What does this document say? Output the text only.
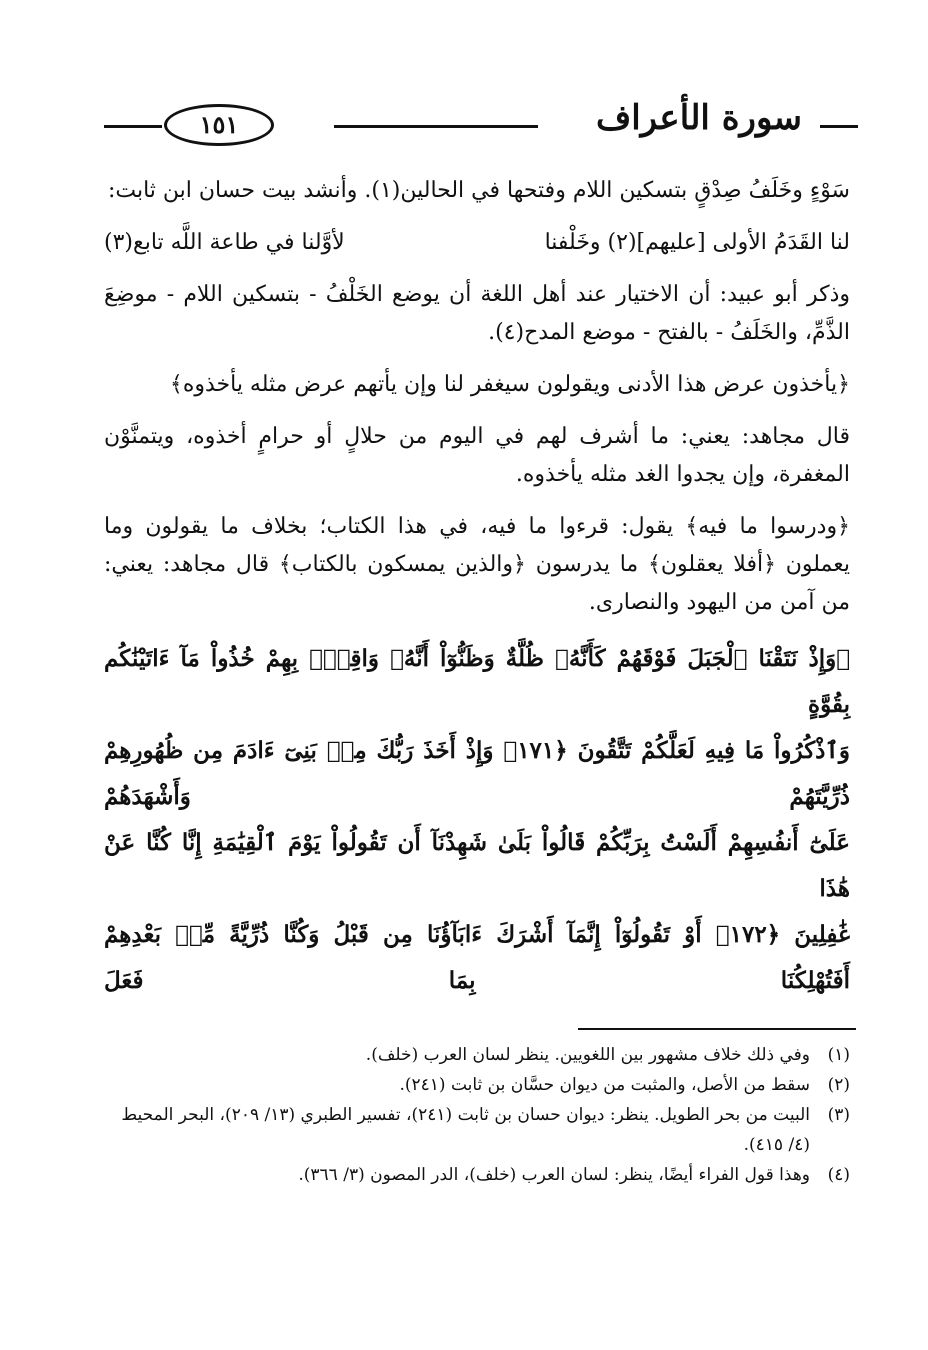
سورة الأعراف
١٥١

سَوْءٍ وخَلَفُ صِدْقٍ بتسكين اللام وفتحها في الحالين(١). وأنشد بيت حسان ابن ثابت:

لنا القَدَمُ الأولى [عليهم](٢) وخَلْفنا
لأوَّلنا في طاعة اللَّه تابع(٣)

وذكر أبو عبيد: أن الاختيار عند أهل اللغة أن يوضع الخَلْفُ - بتسكين اللام - موضِعَ الذَّمِّ، والخَلَفُ - بالفتح - موضع المدح(٤).

﴿يأخذون عرض هذا الأدنى ويقولون سيغفر لنا وإن يأتهم عرض مثله يأخذوه﴾

قال مجاهد: يعني: ما أشرف لهم في اليوم من حلالٍ أو حرامٍ أخذوه، ويتمنَّوْن المغفرة، وإن يجدوا الغد مثله يأخذوه.

﴿ودرسوا ما فيه﴾ يقول: قرءوا ما فيه، في هذا الكتاب؛ بخلاف ما يقولون وما يعملون ﴿أفلا يعقلون﴾ ما يدرسون ﴿والذين يمسكون بالكتاب﴾ قال مجاهد: يعني: من آمن من اليهود والنصارى.

﴿وَإِذْ نَتَقْنَا ٱلْجَبَلَ فَوْقَهُمْ كَأَنَّهُۥ ظُلَّةٌ وَظَنُّوٓاْ أَنَّهُۥ وَاقِعٌۢ بِهِمْ خُذُواْ مَآ ءَاتَيْنَٰكُم بِقُوَّةٍ
وَٱذْكُرُواْ مَا فِيهِ لَعَلَّكُمْ تَتَّقُونَ ﴿١٧١﴾ وَإِذْ أَخَذَ رَبُّكَ مِنۢ بَنِىٓ ءَادَمَ مِن ظُهُورِهِمْ ذُرِّيَّتَهُمْ وَأَشْهَدَهُمْ
عَلَىٰٓ أَنفُسِهِمْ أَلَسْتُ بِرَبِّكُمْ قَالُواْ بَلَىٰ شَهِدْنَآ أَن تَقُولُواْ يَوْمَ ٱلْقِيَٰمَةِ إِنَّا كُنَّا عَنْ هَٰذَا
غَٰفِلِينَ ﴿١٧٢﴾ أَوْ تَقُولُوٓاْ إِنَّمَآ أَشْرَكَ ءَابَآؤُنَا مِن قَبْلُ وَكُنَّا ذُرِّيَّةً مِّنۢ بَعْدِهِمْ أَفَتُهْلِكُنَا بِمَا فَعَلَ
(١)
وفي ذلك خلاف مشهور بين اللغويين. ينظر لسان العرب (خلف).
(٢)
سقط من الأصل، والمثبت من ديوان حسَّان بن ثابت (٢٤١).
(٣)
البيت من بحر الطويل. ينظر: ديوان حسان بن ثابت (٢٤١)، تفسير الطبري (١٣/ ٢٠٩)، البحر المحيط (٤/ ٤١٥).
(٤)
وهذا قول الفراء أيضًا، ينظر: لسان العرب (خلف)، الدر المصون (٣/ ٣٦٦).
